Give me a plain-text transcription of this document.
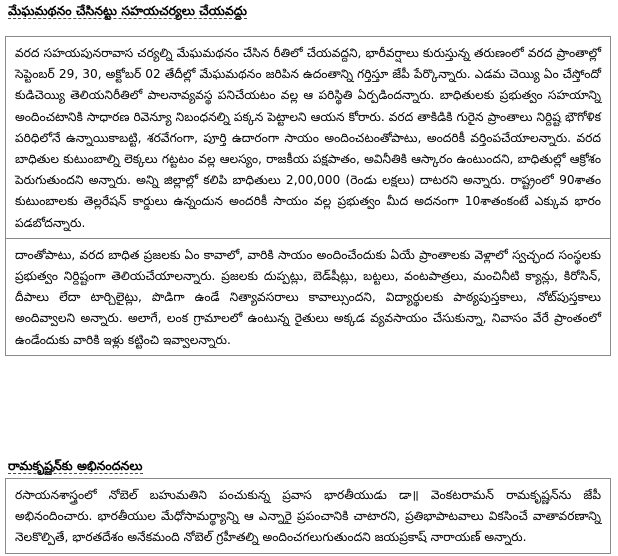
మేఘమథనం చేసినట్టు సహయచర్యలు చేయవద్దు

వరద సహయపునరావాస చర్యల్ని మేఘమథనం చేసిన రీతిలో చేయవద్దని, భారీవర్షాలు కురుస్తున్న తరుణంలో వరద ప్రాంతాల్లో సెప్టెంబర్ 29, 30, అక్టోబర్ 02 తేదీల్లో మేఘమథనం జరిపిన ఉదంతాన్ని గర్తిస్తూ జేపీ పేర్కొన్నారు. ఎడమ చెయ్యి ఏం చేస్తోందో కుడిచెయ్యి తెలియనిరీతిలో పాలనావ్యవస్థ పనిచేయటం వల్ల ఆ పరిస్థితి ఏర్పడిందన్నారు. బాధితులకు ప్రభుత్వం సహయాన్ని అందించటానికి సాధారణ రివెన్యూ నిబంధనల్ని పక్కన పెట్టాలని ఆయన కోరారు. వరద తాకిడికి గురైన ప్రాంతాలు నిర్దిష్ట భౌగోళిక పరిధిలోనే ఉన్నాయికాబట్టి, శరవేగంగా, పూర్తి ఉదారంగా సాయం అందించటంతోపాటు, అందరికీ వర్తింపచేయాలన్నారు. వరద బాధితుల కుటుంబాల్ని లెక్కలు గట్టటం వల్ల ఆలస్యం, రాజకీయ పక్షపాతం, అవినీతికి ఆస్కారం ఉంటుందని, బాధితుల్లో ఆక్రోశం పెరుగుతుందని అన్నారు. అన్ని జిల్లాల్లో కలిపి బాధితులు 2,00,000 (రెండు లక్షలు) దాటరని అన్నారు. రాష్ట్రంలో 90శాతం కుటుంబాలకు తెల్లరేషన్ కార్డులు ఉన్నందున అందరికీ సాయం వల్ల ప్రభుత్వం మీద అదనంగా 10శాతంకంటే ఎక్కువ భారం పడబోదన్నారు.

దాంతోపాటు, వరద బాధిత ప్రజలకు ఏం కావాలో, వారికి సాయం అందించేందుకు ఏయే ప్రాంతాలకు వెళ్లాలో స్వచ్ఛంద సంస్థలకు ప్రభుత్వం నిర్దిష్టంగా తెలియచేయాలన్నారు. ప్రజలకు దుప్పట్లు, బెడ్‌షీట్లు, బట్టలు, వంటపాత్రలు, మంచినీటి క్యాన్లు, కిరోసిన్, దీపాలు లేదా టార్చిలైట్లు, పొడిగా ఉండే నిత్యావసరాలు కావాల్సుందని, విద్యార్థులకు పాఠ్యపుస్తకాలు, నోట్‌పుస్తకాలు అందివ్వాలని అన్నారు. అలాగే, లంక గ్రామాలలో ఉంటున్న రైతులు అక్కడ వ్యవసాయం చేసుకున్నా, నివాసం వేరే ప్రాంతంలో ఉండేందుకు వారికి ఇళ్లు కట్టించి ఇవ్వాలన్నారు.

రామకృష్ణన్‌కు అభినందనలు

రసాయనశాస్త్రంలో నోబెల్ బహుమతిని పంచుకున్న ప్రవాస భారతీయుడు డా॥ వెంకటరామన్ రామకృష్ణన్‌ను జేపీ అభినందించారు. భారతీయుల మేధోసామర్థ్యాన్ని ఆ ఎన్నారై ప్రపంచానికి చాటారని, ప్రతిభాపాటవాలు వికసించే వాతావరణాన్ని నెలకొల్పితే, భారతదేశం అనేకమంది నోబెల్ గ్రహీతల్ని అందించగలుగుతుందని జయప్రకాష్ నారాయణ్ అన్నారు.
